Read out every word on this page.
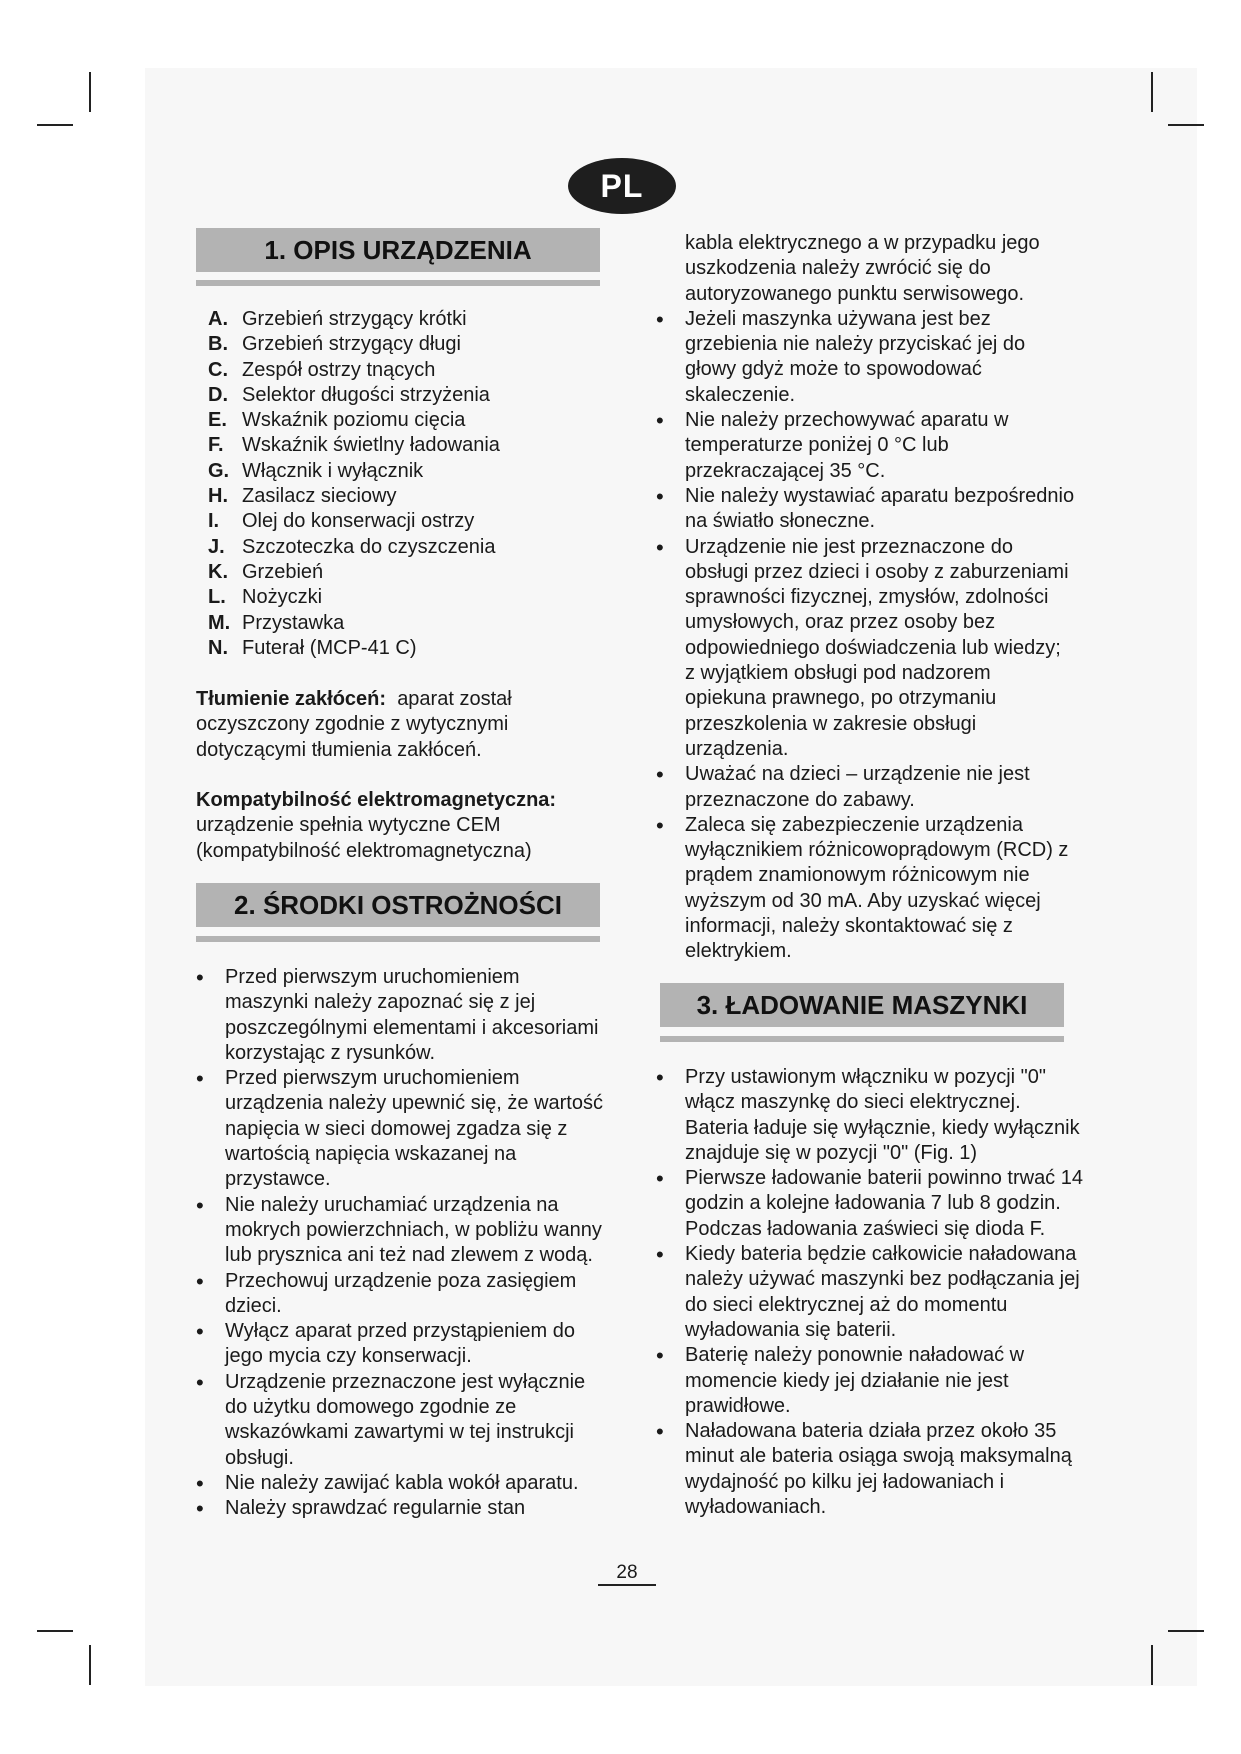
PL
1. OPIS URZĄDZENIA
A. Grzebień strzygący krótki
B. Grzebień strzygący długi
C. Zespół ostrzy tnących
D. Selektor długości strzyżenia
E. Wskaźnik poziomu cięcia
F. Wskaźnik świetlny ładowania
G. Włącznik i wyłącznik
H. Zasilacz sieciowy
I. Olej do konserwacji ostrzy
J. Szczoteczka do czyszczenia
K. Grzebień
L. Nożyczki
M. Przystawka
N. Futerał (MCP-41 C)

Tłumienie zakłóceń: aparat został oczyszczony zgodnie z wytycznymi dotyczącymi tłumienia zakłóceń.

Kompatybilność elektromagnetyczna:
urządzenie spełnia wytyczne CEM (kompatybilność elektromagnetyczna)

2. ŚRODKI OSTROŻNOŚCI
• Przed pierwszym uruchomieniem maszynki należy zapoznać się z jej poszczególnymi elementami i akcesoriami korzystając z rysunków.
• Przed pierwszym uruchomieniem urządzenia należy upewnić się, że wartość napięcia w sieci domowej zgadza się z wartością napięcia wskazanej na przystawce.
• Nie należy uruchamiać urządzenia na mokrych powierzchniach, w pobliżu wanny lub prysznica ani też nad zlewem z wodą.
• Przechowuj urządzenie poza zasięgiem dzieci.
• Wyłącz aparat przed przystąpieniem do jego mycia czy konserwacji.
• Urządzenie przeznaczone jest wyłącznie do użytku domowego zgodnie ze wskazówkami zawartymi w tej instrukcji obsługi.
• Nie należy zawijać kabla wokół aparatu.
• Należy sprawdzać regularnie stan

kabla elektrycznego a w przypadku jego uszkodzenia należy zwrócić się do autoryzowanego punktu serwisowego.

• Jeżeli maszynka używana jest bez grzebienia nie należy przyciskać jej do głowy gdyż może to spowodować skaleczenie.
• Nie należy przechowywać aparatu w temperaturze poniżej 0 °C lub przekraczającej 35 °C.
• Nie należy wystawiać aparatu bezpośrednio na światło słoneczne.
• Urządzenie nie jest przeznaczone do obsługi przez dzieci i osoby z zaburzeniami sprawności fizycznej, zmysłów, zdolności umysłowych, oraz przez osoby bez odpowiedniego doświadczenia lub wiedzy; z wyjątkiem obsługi pod nadzorem opiekuna prawnego, po otrzymaniu przeszkolenia w zakresie obsługi urządzenia.
• Uważać na dzieci – urządzenie nie jest przeznaczone do zabawy.
• Zaleca się zabezpieczenie urządzenia wyłącznikiem różnicowoprądowym (RCD) z prądem znamionowym różnicowym nie wyższym od 30 mA. Aby uzyskać więcej informacji, należy skontaktować się z elektrykiem.
3. ŁADOWANIE MASZYNKI
• Przy ustawionym włączniku w pozycji "0" włącz maszynkę do sieci elektrycznej. Bateria ładuje się wyłącznie, kiedy wyłącznik znajduje się w pozycji "0" (Fig. 1)
• Pierwsze ładowanie baterii powinno trwać 14 godzin a kolejne ładowania 7 lub 8 godzin. Podczas ładowania zaświeci się dioda F.
• Kiedy bateria będzie całkowicie naładowana należy używać maszynki bez podłączania jej do sieci elektrycznej aż do momentu wyładowania się baterii.
• Baterię należy ponownie naładować w momencie kiedy jej działanie nie jest prawidłowe.
• Naładowana bateria działa przez około 35 minut ale bateria osiąga swoją maksymalną wydajność po kilku jej ładowaniach i wyładowaniach.
28
